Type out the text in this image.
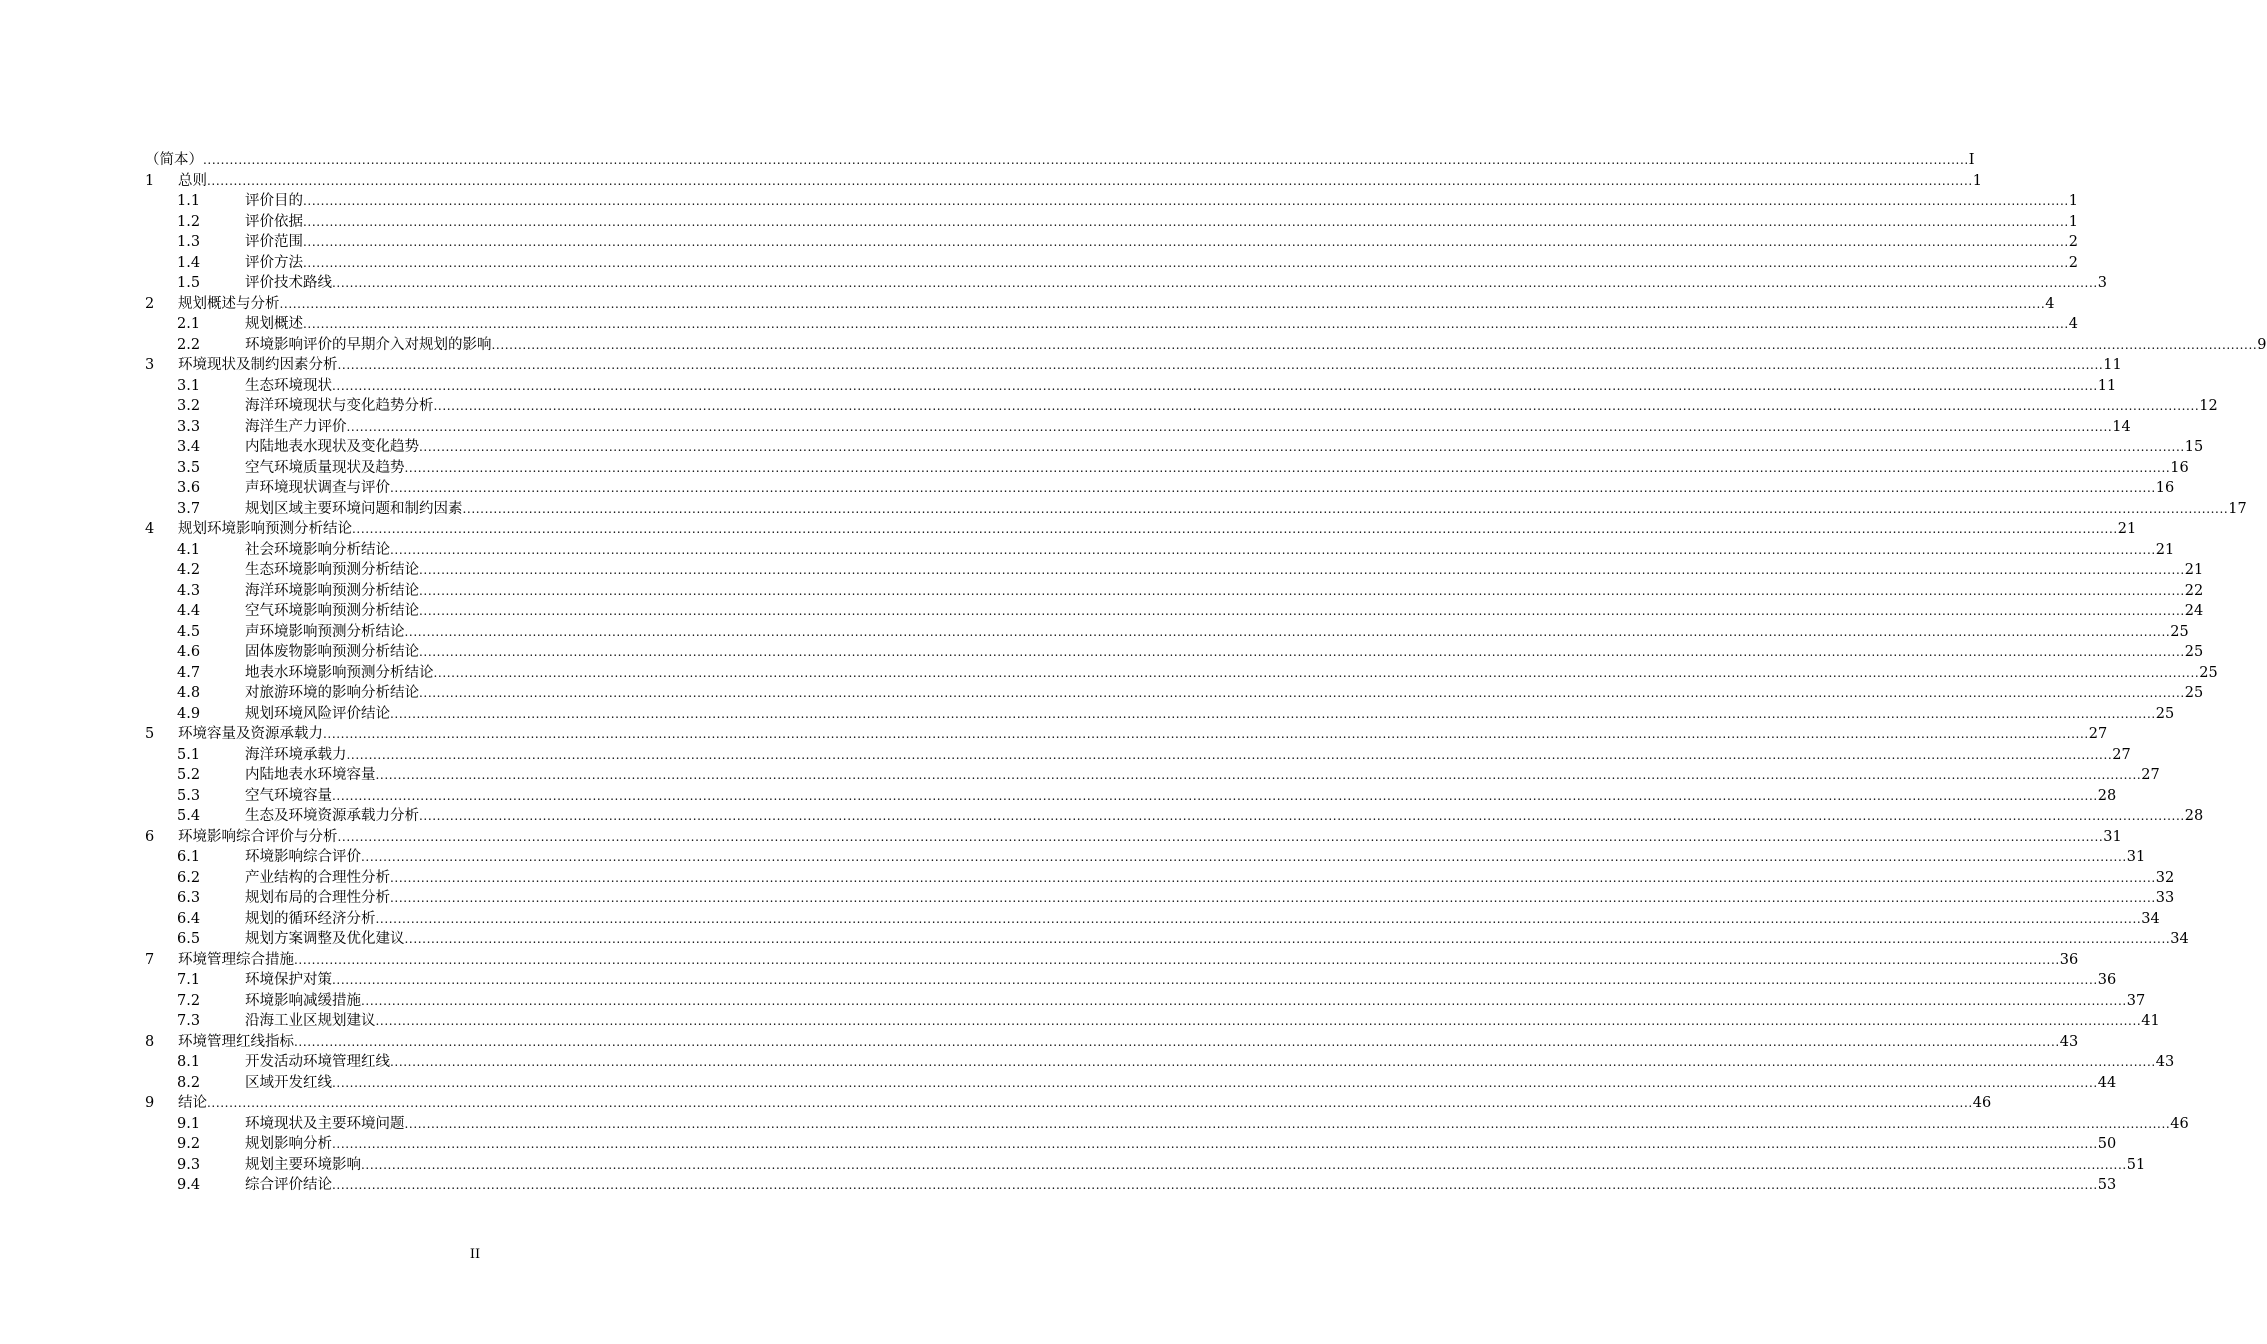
（简本） ................................................................................................................................................................................................................................................................................................................................................................................................................ I
1 总则 ................................................................................................................................................................................................................................................................................................................................................................................................................ 1
1.1	评价目的 ................................................................................................................................................................................................................................................................................................................................................................................................................ 1
1.2	评价依据 ................................................................................................................................................................................................................................................................................................................................................................................................................ 1
1.3	评价范围 ................................................................................................................................................................................................................................................................................................................................................................................................................ 2
1.4	评价方法 ................................................................................................................................................................................................................................................................................................................................................................................................................ 2
1.5	评价技术路线 ................................................................................................................................................................................................................................................................................................................................................................................................................ 3
2 规划概述与分析 ................................................................................................................................................................................................................................................................................................................................................................................................................ 4
2.1	规划概述 ................................................................................................................................................................................................................................................................................................................................................................................................................ 4
2.2	环境影响评价的早期介入对规划的影响 ................................................................................................................................................................................................................................................................................................................................................................................................................ 9
3 环境现状及制约因素分析 ................................................................................................................................................................................................................................................................................................................................................................................................................ 11
3.1	生态环境现状 ................................................................................................................................................................................................................................................................................................................................................................................................................ 11
3.2	海洋环境现状与变化趋势分析 ................................................................................................................................................................................................................................................................................................................................................................................................................ 12
3.3	海洋生产力评价 ................................................................................................................................................................................................................................................................................................................................................................................................................ 14
3.4	内陆地表水现状及变化趋势 ................................................................................................................................................................................................................................................................................................................................................................................................................ 15
3.5	空气环境质量现状及趋势 ................................................................................................................................................................................................................................................................................................................................................................................................................ 16
3.6	声环境现状调查与评价 ................................................................................................................................................................................................................................................................................................................................................................................................................ 16
3.7	规划区域主要环境问题和制约因素 ................................................................................................................................................................................................................................................................................................................................................................................................................ 17
4 规划环境影响预测分析结论 ................................................................................................................................................................................................................................................................................................................................................................................................................ 21
4.1	社会环境影响分析结论 ................................................................................................................................................................................................................................................................................................................................................................................................................ 21
4.2	生态环境影响预测分析结论 ................................................................................................................................................................................................................................................................................................................................................................................................................ 21
4.3	海洋环境影响预测分析结论 ................................................................................................................................................................................................................................................................................................................................................................................................................ 22
4.4	空气环境影响预测分析结论 ................................................................................................................................................................................................................................................................................................................................................................................................................ 24
4.5	声环境影响预测分析结论 ................................................................................................................................................................................................................................................................................................................................................................................................................ 25
4.6	固体废物影响预测分析结论 ................................................................................................................................................................................................................................................................................................................................................................................................................ 25
4.7	地表水环境影响预测分析结论 ................................................................................................................................................................................................................................................................................................................................................................................................................ 25
4.8	对旅游环境的影响分析结论 ................................................................................................................................................................................................................................................................................................................................................................................................................ 25
4.9	规划环境风险评价结论 ................................................................................................................................................................................................................................................................................................................................................................................................................ 25
5 环境容量及资源承载力 ................................................................................................................................................................................................................................................................................................................................................................................................................ 27
5.1	海洋环境承载力 ................................................................................................................................................................................................................................................................................................................................................................................................................ 27
5.2	内陆地表水环境容量 ................................................................................................................................................................................................................................................................................................................................................................................................................ 27
5.3	空气环境容量 ................................................................................................................................................................................................................................................................................................................................................................................................................ 28
5.4	生态及环境资源承载力分析 ................................................................................................................................................................................................................................................................................................................................................................................................................ 28
6 环境影响综合评价与分析 ................................................................................................................................................................................................................................................................................................................................................................................................................ 31
6.1	环境影响综合评价 ................................................................................................................................................................................................................................................................................................................................................................................................................ 31
6.2	产业结构的合理性分析 ................................................................................................................................................................................................................................................................................................................................................................................................................ 32
6.3	规划布局的合理性分析 ................................................................................................................................................................................................................................................................................................................................................................................................................ 33
6.4	规划的循环经济分析 ................................................................................................................................................................................................................................................................................................................................................................................................................ 34
6.5	规划方案调整及优化建议 ................................................................................................................................................................................................................................................................................................................................................................................................................ 34
7 环境管理综合措施 ................................................................................................................................................................................................................................................................................................................................................................................................................ 36
7.1	环境保护对策 ................................................................................................................................................................................................................................................................................................................................................................................................................ 36
7.2	环境影响减缓措施 ................................................................................................................................................................................................................................................................................................................................................................................................................ 37
7.3	沿海工业区规划建议 ................................................................................................................................................................................................................................................................................................................................................................................................................ 41
8 环境管理红线指标 ................................................................................................................................................................................................................................................................................................................................................................................................................ 43
8.1	开发活动环境管理红线 ................................................................................................................................................................................................................................................................................................................................................................................................................ 43
8.2	区域开发红线 ................................................................................................................................................................................................................................................................................................................................................................................................................ 44
9 结论 ................................................................................................................................................................................................................................................................................................................................................................................................................ 46
9.1	环境现状及主要环境问题 ................................................................................................................................................................................................................................................................................................................................................................................................................ 46
9.2	规划影响分析 ................................................................................................................................................................................................................................................................................................................................................................................................................ 50
9.3	规划主要环境影响 ................................................................................................................................................................................................................................................................................................................................................................................................................ 51
9.4	综合评价结论 ................................................................................................................................................................................................................................................................................................................................................................................................................ 53
II
